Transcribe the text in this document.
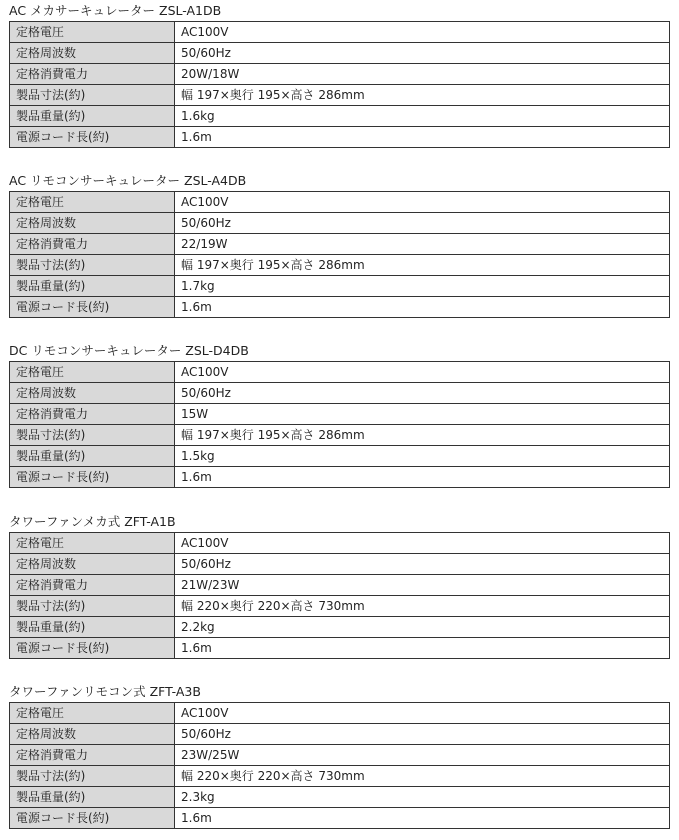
AC メカサーキュレーター ZSL-A1DB
定格電圧	AC100V
定格周波数	50/60Hz
定格消費電力	20W/18W
製品寸法(約)	幅 197×奥行 195×高さ 286mm
製品重量(約)	1.6kg
電源コード長(約)	1.6m
AC リモコンサーキュレーター ZSL-A4DB
定格電圧	AC100V
定格周波数	50/60Hz
定格消費電力	22/19W
製品寸法(約)	幅 197×奥行 195×高さ 286mm
製品重量(約)	1.7kg
電源コード長(約)	1.6m
DC リモコンサーキュレーター ZSL-D4DB
定格電圧	AC100V
定格周波数	50/60Hz
定格消費電力	15W
製品寸法(約)	幅 197×奥行 195×高さ 286mm
製品重量(約)	1.5kg
電源コード長(約)	1.6m
タワーファンメカ式 ZFT-A1B
定格電圧	AC100V
定格周波数	50/60Hz
定格消費電力	21W/23W
製品寸法(約)	幅 220×奥行 220×高さ 730mm
製品重量(約)	2.2kg
電源コード長(約)	1.6m
タワーファンリモコン式 ZFT-A3B
定格電圧	AC100V
定格周波数	50/60Hz
定格消費電力	23W/25W
製品寸法(約)	幅 220×奥行 220×高さ 730mm
製品重量(約)	2.3kg
電源コード長(約)	1.6m
